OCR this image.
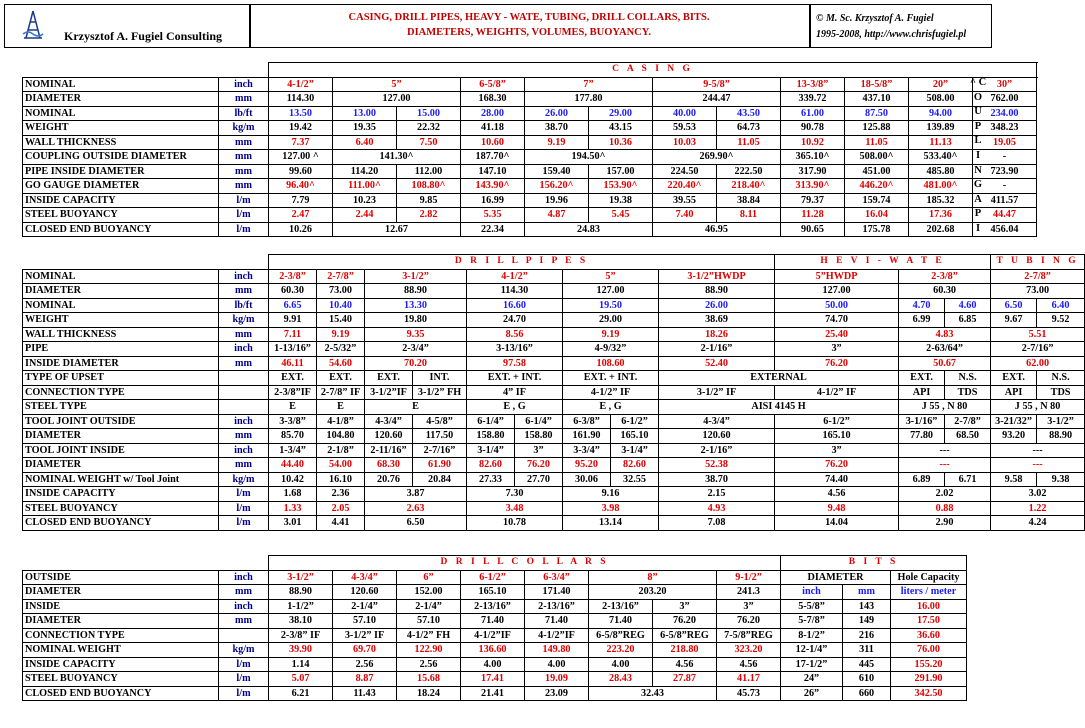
Krzysztof A. Fugiel Consulting
CASING, DRILL PIPES, HEAVY - WATE, TUBING, DRILL COLLARS, BITS.
DIAMETERS, WEIGHTS, VOLUMES, BUOYANCY.
© M. Sc. Krzysztof A. Fugiel
1995-2008, http://www.chrisfugiel.pl
		C A S I N G											
NOMINAL	inch	4-1/2”	5”		6-5/8”	7”		9-5/8”		13-3/8”	18-5/8”	20”	30”
DIAMETER	mm	114.30	127.00		168.30	177.80		244.47		339.72	437.10	508.00	762.00
NOMINAL	lb/ft	13.50	13.00	15.00	28.00	26.00	29.00	40.00	43.50	61.00	87.50	94.00	234.00
WEIGHT	kg/m	19.42	19.35	22.32	41.18	38.70	43.15	59.53	64.73	90.78	125.88	139.89	348.23
WALL THICKNESS	mm	7.37	6.40	7.50	10.60	9.19	10.36	10.03	11.05	10.92	11.05	11.13	19.05
COUPLING OUTSIDE DIAMETER	mm	127.00 ^	141.30^		187.70^	194.50^		269.90^		365.10^	508.00^	533.40^	-
PIPE INSIDE DIAMETER	mm	99.60	114.20	112.00	147.10	159.40	157.00	224.50	222.50	317.90	451.00	485.80	723.90
GO GAUGE DIAMETER	mm	96.40^	111.00^	108.80^	143.90^	156.20^	153.90^	220.40^	218.40^	313.90^	446.20^	481.00^	-
INSIDE CAPACITY	l/m	7.79	10.23	9.85	16.99	19.96	19.38	39.55	38.84	79.37	159.74	185.32	411.57
STEEL BUOYANCY	l/m	2.47	2.44	2.82	5.35	4.87	5.45	7.40	8.11	11.28	16.04	17.36	44.47
CLOSED END BUOYANCY	l/m	10.26	12.67		22.34	24.83		46.95		90.65	175.78	202.68	456.04
^ C
O
U
P
L
I
N
G
A
P
I
		D R I L L P I P E S									H E V I - W A T E			T U B I N G	
NOMINAL	inch	2-3/8”	2-7/8”	3-1/2”		4-1/2”		5”		3-1/2”HWDP	5”HWDP	2-3/8”		2-7/8”	
DIAMETER	mm	60.30	73.00	88.90		114.30		127.00		88.90	127.00	60.30		73.00	
NOMINAL	lb/ft	6.65	10.40	13.30		16.60		19.50		26.00	50.00	4.70	4.60	6.50	6.40
WEIGHT	kg/m	9.91	15.40	19.80		24.70		29.00		38.69	74.70	6.99	6.85	9.67	9.52
WALL THICKNESS	mm	7.11	9.19	9.35		8.56		9.19		18.26	25.40	4.83		5.51	
PIPE	inch	1-13/16”	2-5/32”	2-3/4”		3-13/16”		4-9/32”		2-1/16”	3”	2-63/64”		2-7/16”	
INSIDE DIAMETER	mm	46.11	54.60	70.20		97.58		108.60		52.40	76.20	50.67		62.00	
TYPE OF UPSET		EXT.	EXT.	EXT.	INT.	EXT. + INT.		EXT. + INT.		EXTERNAL		EXT.	N.S.	EXT.	N.S.
CONNECTION TYPE		2-3/8”IF	2-7/8” IF	3-1/2”IF	3-1/2” FH	4” IF		4-1/2” IF		3-1/2” IF	4-1/2” IF	API	TDS	API	TDS
STEEL TYPE		E	E	E		E , G		E , G		AISI 4145 H		J 55 , N 80		J 55 , N 80	
TOOL JOINT OUTSIDE	inch	3-3/8”	4-1/8”	4-3/4”	4-5/8”	6-1/4”	6-1/4”	6-3/8”	6-1/2”	4-3/4”	6-1/2”	3-1/16”	2-7/8”	3-21/32”	3-1/2”
DIAMETER	mm	85.70	104.80	120.60	117.50	158.80	158.80	161.90	165.10	120.60	165.10	77.80	68.50	93.20	88.90
TOOL JOINT INSIDE	inch	1-3/4”	2-1/8”	2-11/16”	2-7/16”	3-1/4”	3”	3-3/4”	3-1/4”	2-1/16”	3”	---		---	
DIAMETER	mm	44.40	54.00	68.30	61.90	82.60	76.20	95.20	82.60	52.38	76.20	---		---	
NOMINAL WEIGHT w/ Tool Joint	kg/m	10.42	16.10	20.76	20.84	27.33	27.70	30.06	32.55	38.70	74.40	6.89	6.71	9.58	9.38
INSIDE CAPACITY	l/m	1.68	2.36	3.87		7.30		9.16		2.15	4.56	2.02		3.02	
STEEL BUOYANCY	l/m	1.33	2.05	2.63		3.48		3.98		4.93	9.48	0.88		1.22	
CLOSED END BUOYANCY	l/m	3.01	4.41	6.50		10.78		13.14		7.08	14.04	2.90		4.24	
		D R I L L C O L L A R S								B I T S		
OUTSIDE	inch	3-1/2”	4-3/4”	6”	6-1/2”	6-3/4”	8”		9-1/2”	DIAMETER		Hole Capacity
DIAMETER	mm	88.90	120.60	152.00	165.10	171.40	203.20		241.3	inch	mm	liters / meter
INSIDE	inch	1-1/2”	2-1/4”	2-1/4”	2-13/16”	2-13/16”	2-13/16”	3”	3”	5-5/8”	143	16.00
DIAMETER	mm	38.10	57.10	57.10	71.40	71.40	71.40	76.20	76.20	5-7/8”	149	17.50
CONNECTION TYPE		2-3/8” IF	3-1/2” IF	4-1/2” FH	4-1/2”IF	4-1/2”IF	6-5/8”REG	6-5/8”REG	7-5/8”REG	8-1/2”	216	36.60
NOMINAL WEIGHT	kg/m	39.90	69.70	122.90	136.60	149.80	223.20	218.80	323.20	12-1/4”	311	76.00
INSIDE CAPACITY	l/m	1.14	2.56	2.56	4.00	4.00	4.00	4.56	4.56	17-1/2”	445	155.20
STEEL BUOYANCY	l/m	5.07	8.87	15.68	17.41	19.09	28.43	27.87	41.17	24”	610	291.90
CLOSED END BUOYANCY	l/m	6.21	11.43	18.24	21.41	23.09	32.43		45.73	26”	660	342.50
